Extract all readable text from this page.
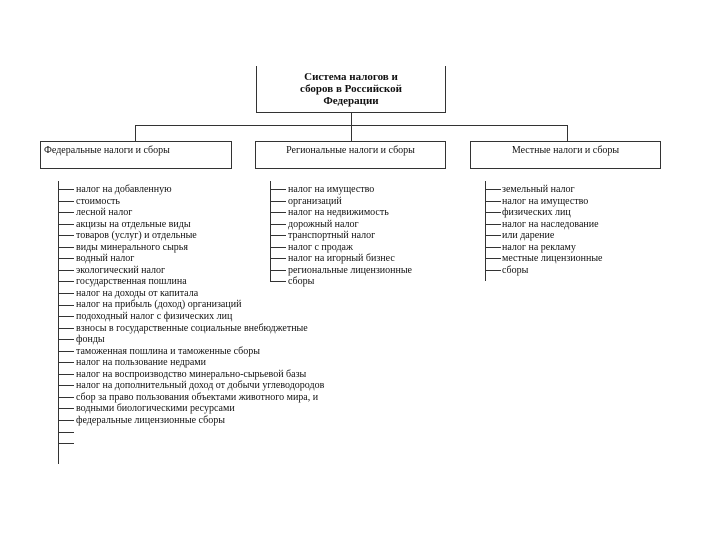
Система налогов и
сборов в Российской
Федерации
Федеральные налоги и сборы	Региональные налоги и сборы	Местные налоги и сборы
налог на добавленную
стоимость
лесной налог
акцизы на отдельные виды
товаров (услуг) и отдельные
виды минерального сырья
водный налог
экологический налог
государственная пошлина
налог на доходы от капитала
налог на прибыль (доход) организаций
подоходный налог с физических лиц
взносы в государственные социальные внебюджетные
фонды
таможенная пошлина и таможенные сборы
налог на пользование недрами
налог на воспроизводство минерально-сырьевой базы
налог на дополнительный доход от добычи углеводородов
сбор за право пользования объектами животного мира, и
водными биологическими ресурсами
федеральные лицензионные сборы
налог на имущество
организаций
налог на недвижимость
дорожный налог
транспортный налог
налог с продаж
налог на игорный бизнес
региональные лицензионные
сборы
земельный налог
налог на имущество
физических лиц
налог на наследование
или дарение
налог на рекламу
местные лицензионные
сборы
